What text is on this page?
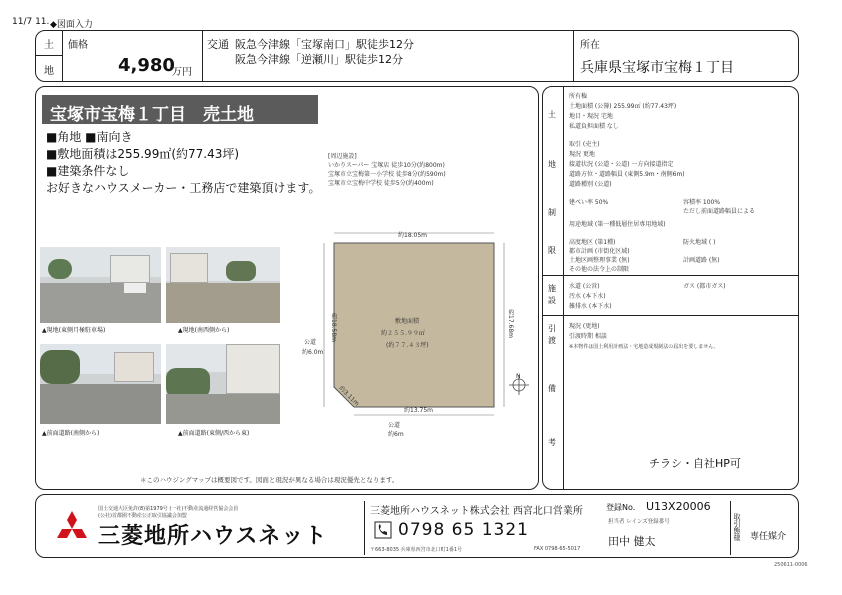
11/7 11. ◆図面入力
土
地
価格
4,980
万円
交通 阪急今津線「宝塚南口」駅徒歩12分
阪急今津線「逆瀬川」駅徒歩12分
所在
兵庫県宝塚市宝梅１丁目
宝塚市宝梅１丁目　売土地
■角地 ■南向き
■敷地面積は255.99㎡(約77.43坪)
■建築条件なし
お好きなハウスメーカー・工務店で建築頂けます。
[周辺施設]
いかりスーパー 宝塚店 徒歩10分(約800m)
宝塚市立宝梅第一小学校 徒歩8分(約590m)
宝塚市立宝梅中学校 徒歩5分(約400m)
▲現地(東側月極駐車場)	▲現地(南西側から)
▲前面道路(南側から)	▲前面道路(東側/西から東)
約18.05m
約18.58m	約17.68m
約13.75m
約3.11m
敷地面積
約２５５.９９㎡
(約７７.４３坪)
公道
約6.0m
公道
約6m
N
＊このハウジングマップは概要図です。図面と現況が異なる場合は現況優先となります。
土
地
制
限
施
設
引
渡
備
考
所有権
土地面積 (公簿) 255.99㎡ (約77.43坪)
地目・現況 宅地
私道負担面積 なし
取引 (売主)
現況 更地
接道状況 (公道・公道) 一方向接道指定
道路方位・道路幅員 (東側5.9m・南側6m)
道路種別 (公道)
建ぺい率 50%	容積率 100%
ただし前面道路幅員による
用途地域 (第一種低層住居専用地域)
高度地区 (第1種)	防火地域 ( )
都市計画 (市街化区域)
土地区画整理事業 (無)	計画道路 (無)
その他の法令上の制限
水道 (公営)	ガス (都市ガス)
汚水 (本下水)
雑排水 (本下水)
現況 (更地)
引渡時期 相談
※本物件は国土利用計画法・宅地造成規制法の届出を要しません。
チラシ・自社HP可
国土交通大臣免許(8)第1979号 (一社)不動産流通経営協会会員
(公社)首都圏不動産公正取引協議会加盟
三菱地所ハウスネット
三菱地所ハウスネット株式会社 西宮北口営業所
0798 65 1321
〒663-8035 兵庫県西宮市北口町1番1号	FAX 0798-65-5017
登録No. U13X20006
担当者 レインズ登録番号
田中 健太
取引態様 専任媒介
250611-0006
